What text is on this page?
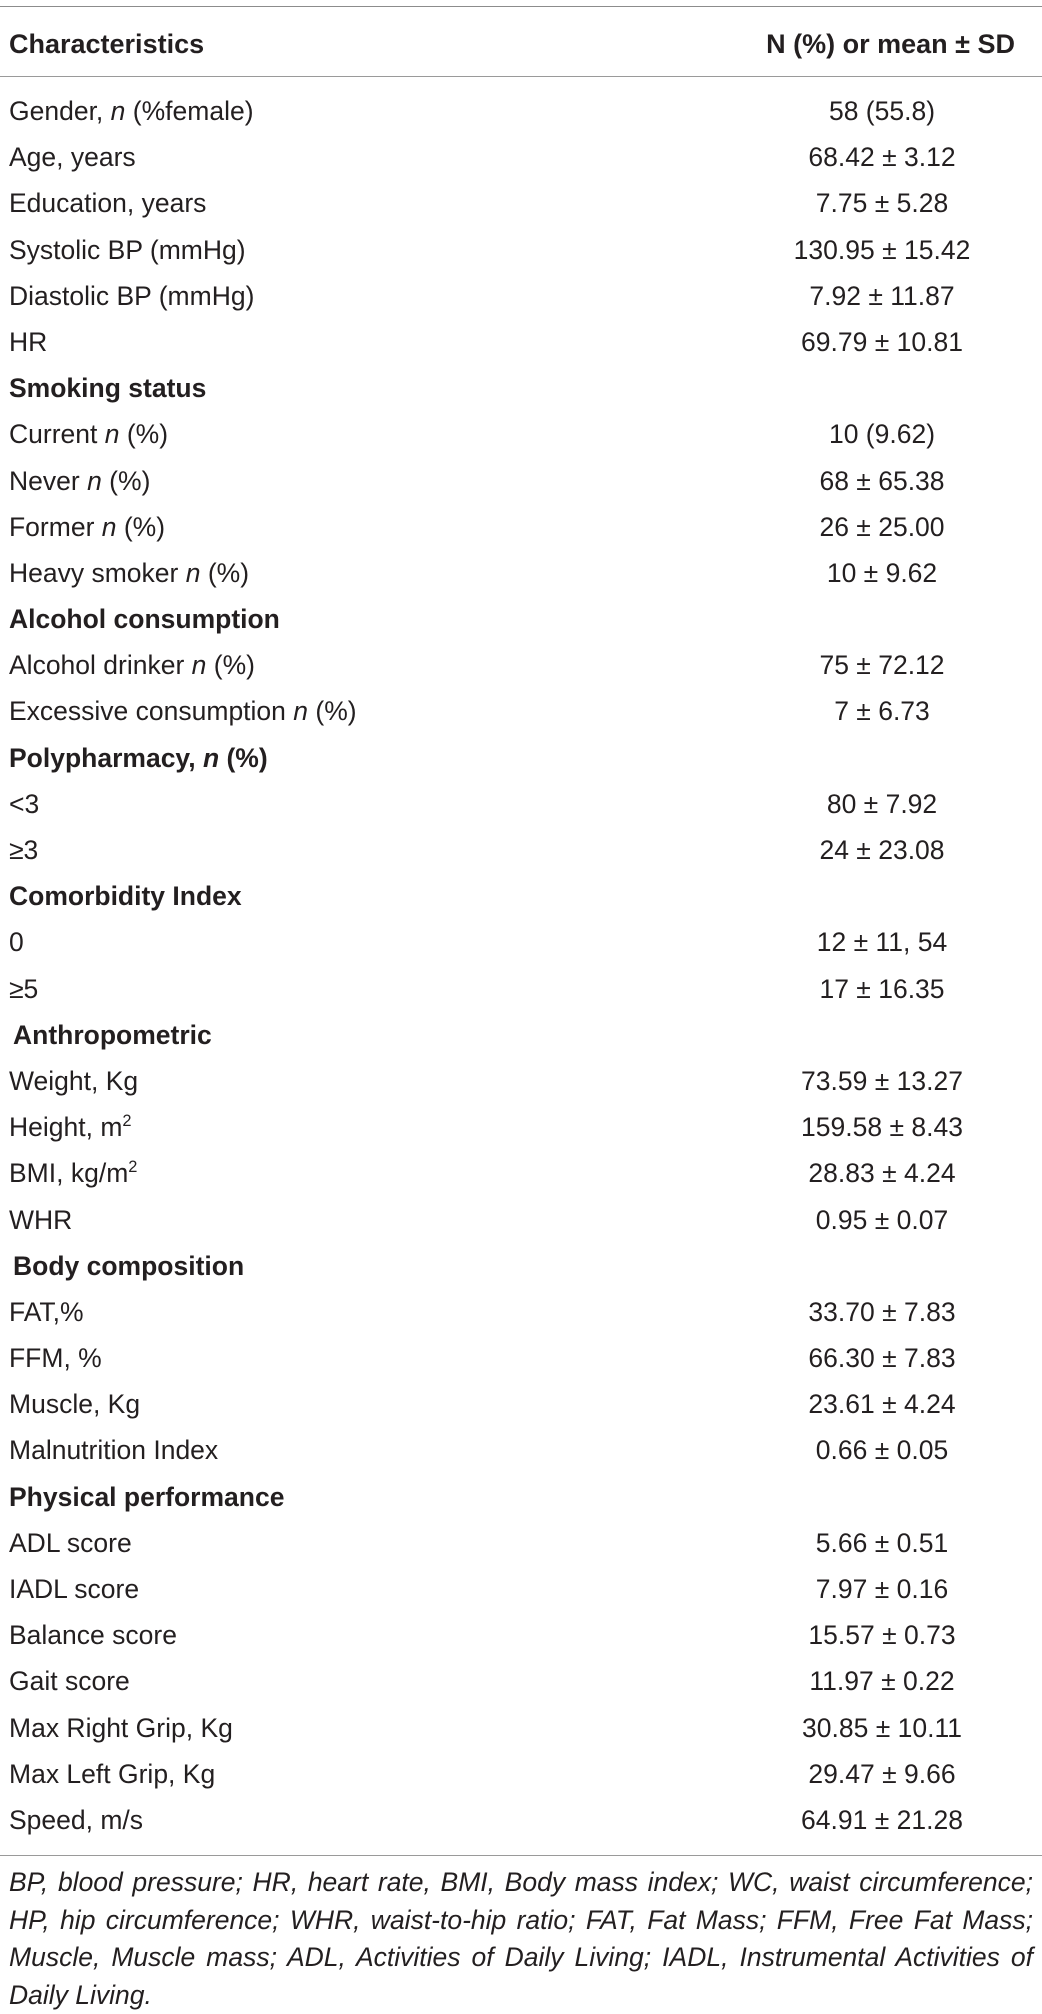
Characteristics	N (%) or mean ± SD
Gender, n (%female)	58 (55.8)
Age, years	68.42 ± 3.12
Education, years	7.75 ± 5.28
Systolic BP (mmHg)	130.95 ± 15.42
Diastolic BP (mmHg)	7.92 ± 11.87
HR	69.79 ± 10.81
Smoking status
Current n (%)	10 (9.62)
Never n (%)	68 ± 65.38
Former n (%)	26 ± 25.00
Heavy smoker n (%)	10 ± 9.62
Alcohol consumption
Alcohol drinker n (%)	75 ± 72.12
Excessive consumption n (%)	7 ± 6.73
Polypharmacy, n (%)
<3	80 ± 7.92
≥3	24 ± 23.08
Comorbidity Index
0	12 ± 11, 54
≥5	17 ± 16.35
Anthropometric
Weight, Kg	73.59 ± 13.27
Height, $m^2$	159.58 ± 8.43
BMI, $kg/m^2$	28.83 ± 4.24
WHR	0.95 ± 0.07
Body composition
FAT,%	33.70 ± 7.83
FFM, %	66.30 ± 7.83
Muscle, Kg	23.61 ± 4.24
Malnutrition Index	0.66 ± 0.05
Physical performance
ADL score	5.66 ± 0.51
IADL score	7.97 ± 0.16
Balance score	15.57 ± 0.73
Gait score	11.97 ± 0.22
Max Right Grip, Kg	30.85 ± 10.11
Max Left Grip, Kg	29.47 ± 9.66
Speed, m/s	64.91 ± 21.28
BP, blood pressure; HR, heart rate, BMI, Body mass index; WC, waist circumference; HP, hip circumference; WHR, waist-to-hip ratio; FAT, Fat Mass; FFM, Free Fat Mass; Muscle, Muscle mass; ADL, Activities of Daily Living; IADL, Instrumental Activities of Daily Living.
